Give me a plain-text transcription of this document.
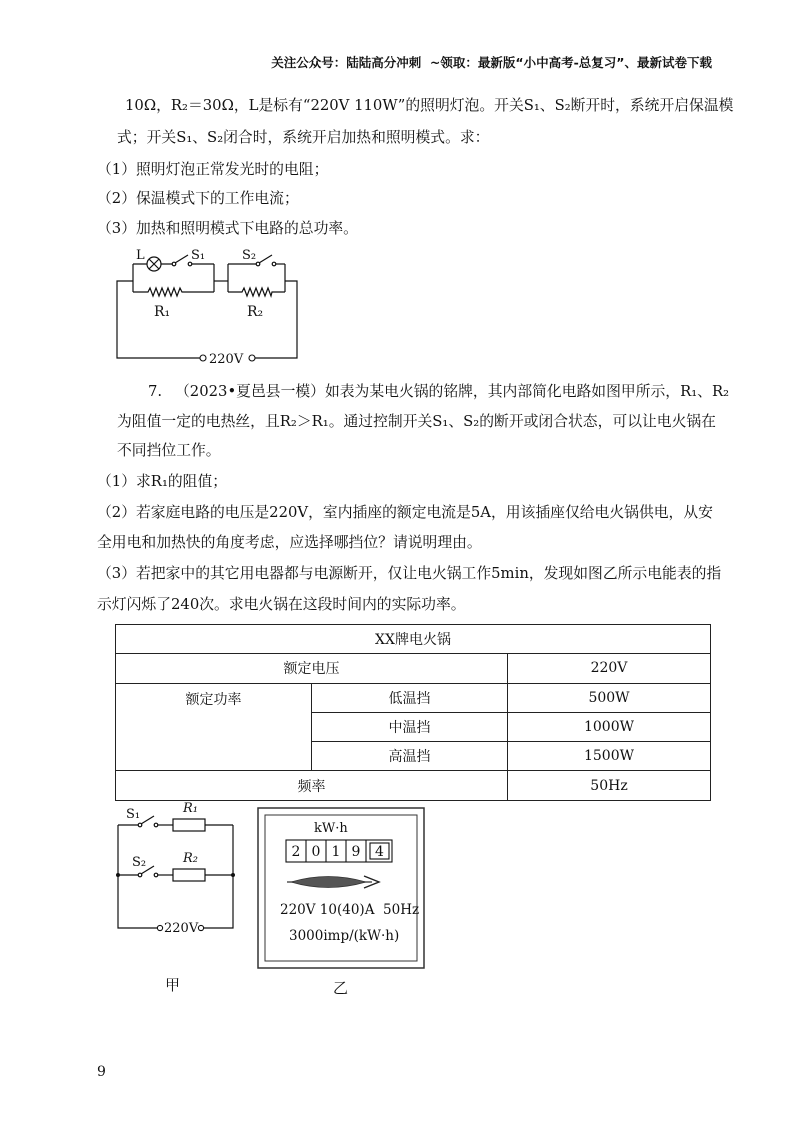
关注公众号：陆陆高分冲刺  ~领取：最新版“小中高考-总复习”、最新试卷下载
10Ω，R₂＝30Ω，L是标有“220V 110W”的照明灯泡。开关S₁、S₂断开时，系统开启保温模
式；开关S₁、S₂闭合时，系统开启加热和照明模式。求：
（1）照明灯泡正常发光时的电阻；
（2）保温模式下的工作电流；
（3）加热和照明模式下电路的总功率。
L	S₁	S₂
R₁	R₂
220V
7. （2023•夏邑县一模）如表为某电火锅的铭牌，其内部简化电路如图甲所示，R₁、R₂
为阻值一定的电热丝，且R₂＞R₁。通过控制开关S₁、S₂的断开或闭合状态，可以让电火锅在
不同挡位工作。
（1）求R₁的阻值；
（2）若家庭电路的电压是220V，室内插座的额定电流是5A，用该插座仅给电火锅供电，从安
全用电和加热快的角度考虑，应选择哪挡位？请说明理由。
（3）若把家中的其它用电器都与电源断开，仅让电火锅工作5min，发现如图乙所示电能表的指
示灯闪烁了240次。求电火锅在这段时间内的实际功率。
XX牌电火锅		
额定电压		220V
额定功率	低温挡	500W
	中温挡	1000W
	高温挡	1500W
频率		50Hz
S₁	R₁
S₂	R₂
220V
kW·h
2 0 1 9 4
220V 10(40)A  50Hz
3000imp/(kW·h)
甲	乙
9
